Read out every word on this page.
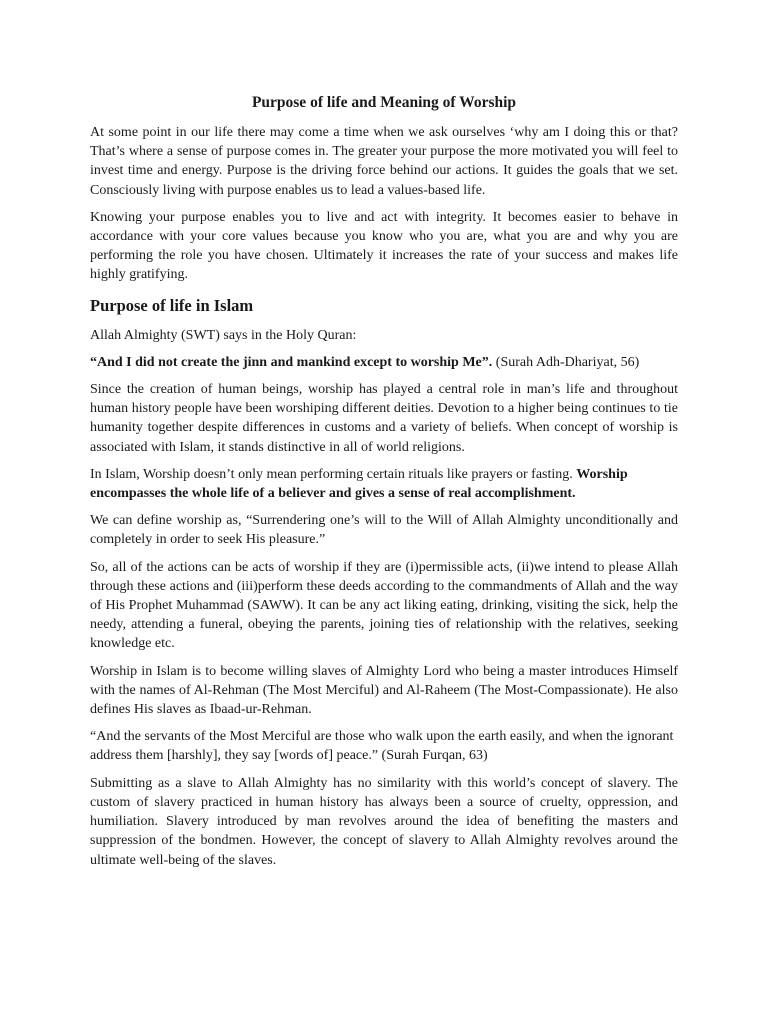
Purpose of life and Meaning of Worship

At some point in our life there may come a time when we ask ourselves ‘why am I doing this or that? That’s where a sense of purpose comes in. The greater your purpose the more motivated you will feel to invest time and energy. Purpose is the driving force behind our actions. It guides the goals that we set. Consciously living with purpose enables us to lead a values-based life.

Knowing your purpose enables you to live and act with integrity. It becomes easier to behave in accordance with your core values because you know who you are, what you are and why you are performing the role you have chosen. Ultimately it increases the rate of your success and makes life highly gratifying.

Purpose of life in Islam

Allah Almighty (SWT) says in the Holy Quran:

“And I did not create the jinn and mankind except to worship Me”. (Surah Adh-Dhariyat, 56)

Since the creation of human beings, worship has played a central role in man’s life and throughout human history people have been worshiping different deities. Devotion to a higher being continues to tie humanity together despite differences in customs and a variety of beliefs. When concept of worship is associated with Islam, it stands distinctive in all of world religions.

In Islam, Worship doesn’t only mean performing certain rituals like prayers or fasting. Worship encompasses the whole life of a believer and gives a sense of real accomplishment.

We can define worship as, “Surrendering one’s will to the Will of Allah Almighty unconditionally and completely in order to seek His pleasure.”

So, all of the actions can be acts of worship if they are (i)permissible acts, (ii)we intend to please Allah through these actions and (iii)perform these deeds according to the commandments of Allah and the way of His Prophet Muhammad (SAWW). It can be any act liking eating, drinking, visiting the sick, help the needy, attending a funeral, obeying the parents, joining ties of relationship with the relatives, seeking knowledge etc.

Worship in Islam is to become willing slaves of Almighty Lord who being a master introduces Himself with the names of Al-Rehman (The Most Merciful) and Al-Raheem (The Most-Compassionate). He also defines His slaves as Ibaad-ur-Rehman.

“And the servants of the Most Merciful are those who walk upon the earth easily, and when the ignorant address them [harshly], they say [words of] peace.” (Surah Furqan, 63)

Submitting as a slave to Allah Almighty has no similarity with this world’s concept of slavery. The custom of slavery practiced in human history has always been a source of cruelty, oppression, and humiliation. Slavery introduced by man revolves around the idea of benefiting the masters and suppression of the bondmen. However, the concept of slavery to Allah Almighty revolves around the ultimate well-being of the slaves.
